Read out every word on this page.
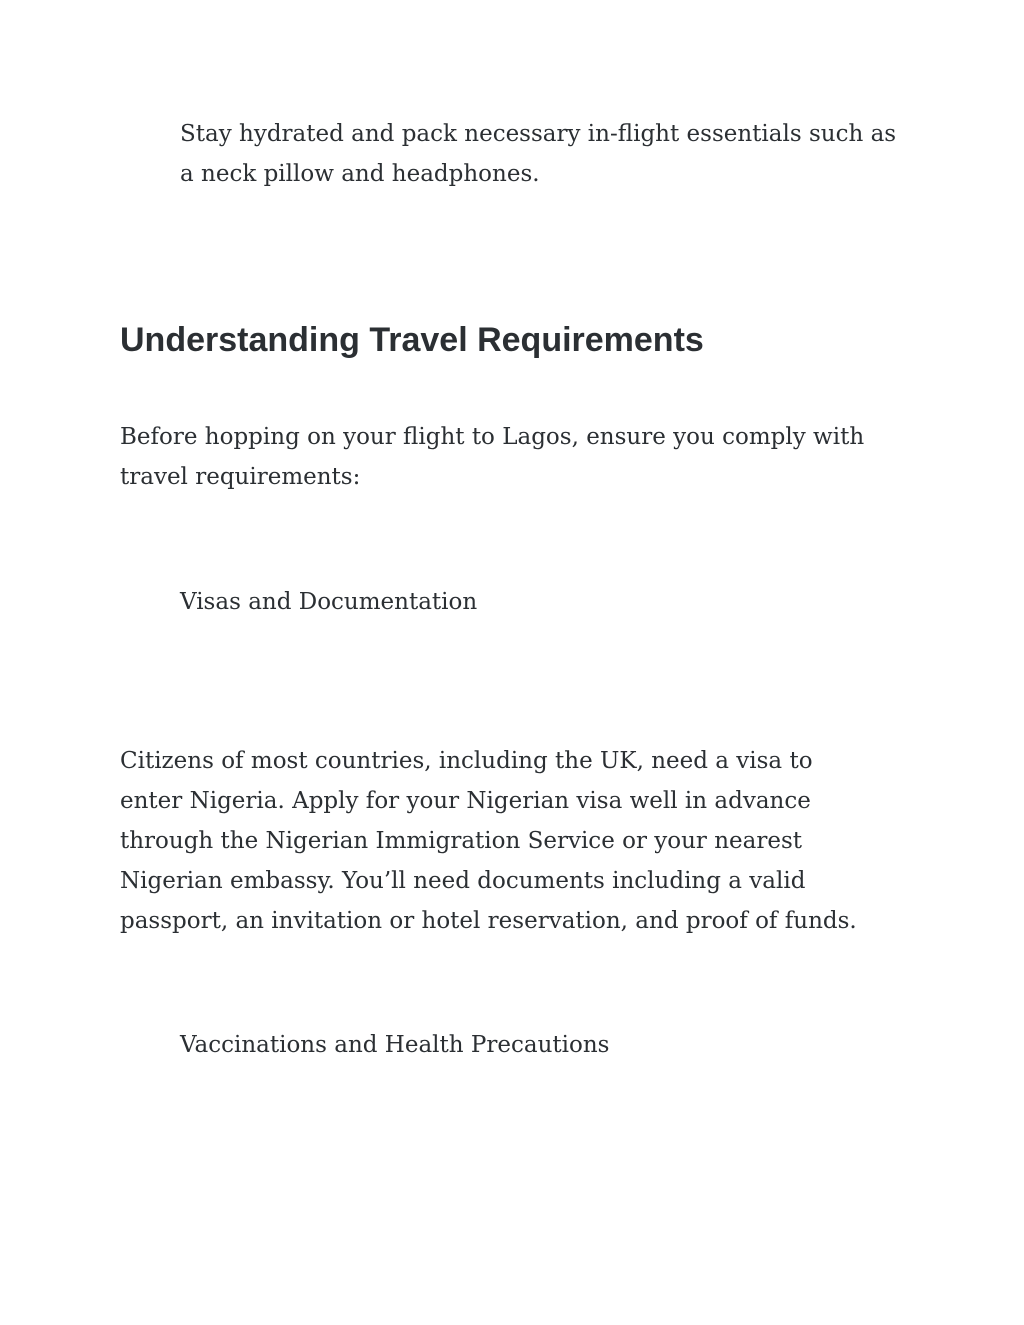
Stay hydrated and pack necessary in-flight essentials such as a neck pillow and headphones.

Understanding Travel Requirements

Before hopping on your flight to Lagos, ensure you comply with travel requirements:

Visas and Documentation

Citizens of most countries, including the UK, need a visa to enter Nigeria. Apply for your Nigerian visa well in advance through the Nigerian Immigration Service or your nearest Nigerian embassy. You’ll need documents including a valid passport, an invitation or hotel reservation, and proof of funds.

Vaccinations and Health Precautions
